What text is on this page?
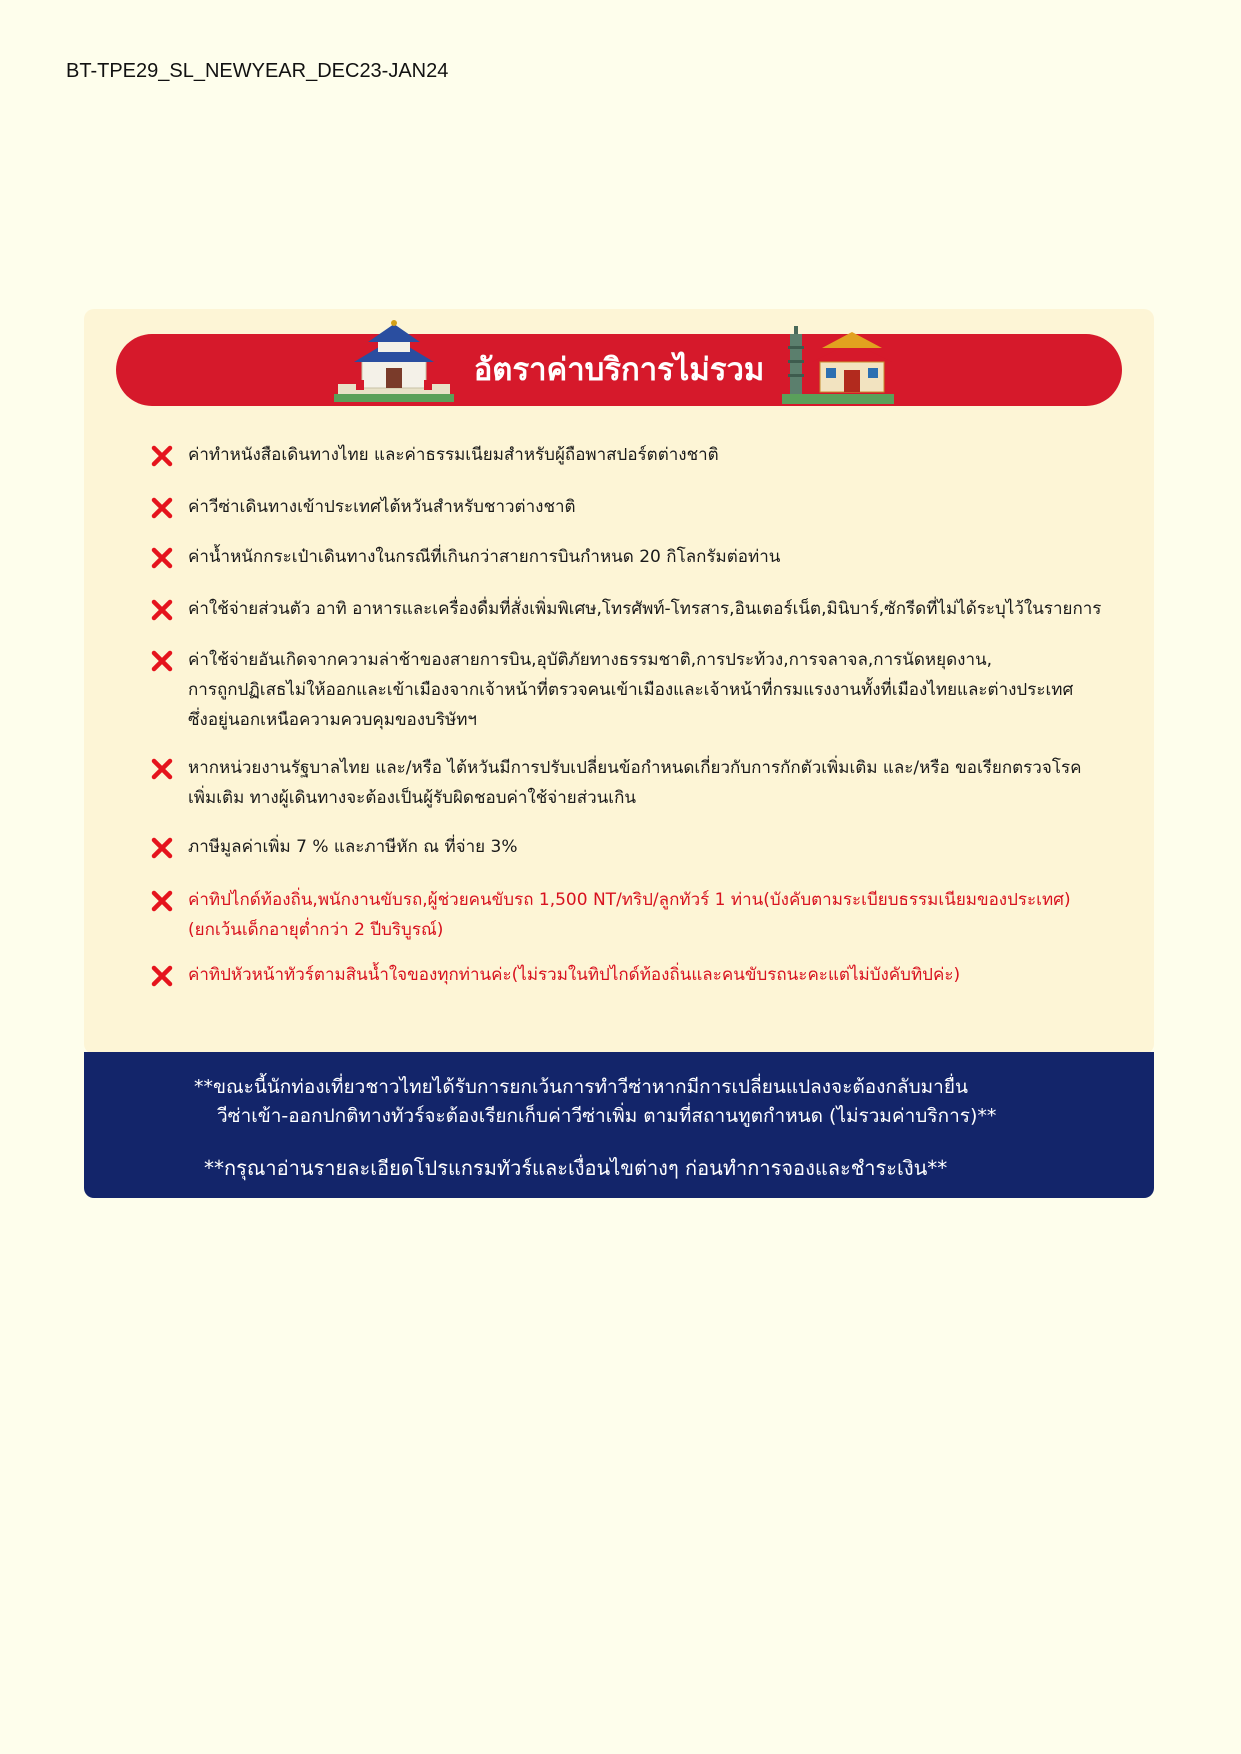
BT-TPE29_SL_NEWYEAR_DEC23-JAN24
อัตราค่าบริการไม่รวม
ค่าทำหนังสือเดินทางไทย และค่าธรรมเนียมสำหรับผู้ถือพาสปอร์ตต่างชาติ
ค่าวีซ่าเดินทางเข้าประเทศไต้หวันสำหรับชาวต่างชาติ
ค่าน้ำหนักกระเป๋าเดินทางในกรณีที่เกินกว่าสายการบินกำหนด 20 กิโลกรัมต่อท่าน
ค่าใช้จ่ายส่วนตัว อาทิ อาหารและเครื่องดื่มที่สั่งเพิ่มพิเศษ,โทรศัพท์-โทรสาร,อินเตอร์เน็ต,มินิบาร์,ซักรีดที่ไม่ได้ระบุไว้ในรายการ
ค่าใช้จ่ายอันเกิดจากความล่าช้าของสายการบิน,อุบัติภัยทางธรรมชาติ,การประท้วง,การจลาจล,การนัดหยุดงาน,
การถูกปฏิเสธไม่ให้ออกและเข้าเมืองจากเจ้าหน้าที่ตรวจคนเข้าเมืองและเจ้าหน้าที่กรมแรงงานทั้งที่เมืองไทยและต่างประเทศ
ซึ่งอยู่นอกเหนือความควบคุมของบริษัทฯ
หากหน่วยงานรัฐบาลไทย และ/หรือ ไต้หวันมีการปรับเปลี่ยนข้อกำหนดเกี่ยวกับการกักตัวเพิ่มเติม และ/หรือ ขอเรียกตรวจโรค
เพิ่มเติม ทางผู้เดินทางจะต้องเป็นผู้รับผิดชอบค่าใช้จ่ายส่วนเกิน
ภาษีมูลค่าเพิ่ม 7 % และภาษีหัก ณ ที่จ่าย 3%
ค่าทิปไกด์ท้องถิ่น,พนักงานขับรถ,ผู้ช่วยคนขับรถ 1,500 NT/ทริป/ลูกทัวร์ 1 ท่าน(บังคับตามระเบียบธรรมเนียมของประเทศ)
(ยกเว้นเด็กอายุต่ำกว่า 2 ปีบริบูรณ์)
ค่าทิปหัวหน้าทัวร์ตามสินน้ำใจของทุกท่านค่ะ(ไม่รวมในทิปไกด์ท้องถิ่นและคนขับรถนะคะแต่ไม่บังคับทิปค่ะ)
**ขณะนี้นักท่องเที่ยวชาวไทยได้รับการยกเว้นการทำวีซ่าหากมีการเปลี่ยนแปลงจะต้องกลับมายื่น
วีซ่าเข้า-ออกปกติทางทัวร์จะต้องเรียกเก็บค่าวีซ่าเพิ่ม ตามที่สถานทูตกำหนด (ไม่รวมค่าบริการ)**
**กรุณาอ่านรายละเอียดโปรแกรมทัวร์และเงื่อนไขต่างๆ ก่อนทำการจองและชำระเงิน**
